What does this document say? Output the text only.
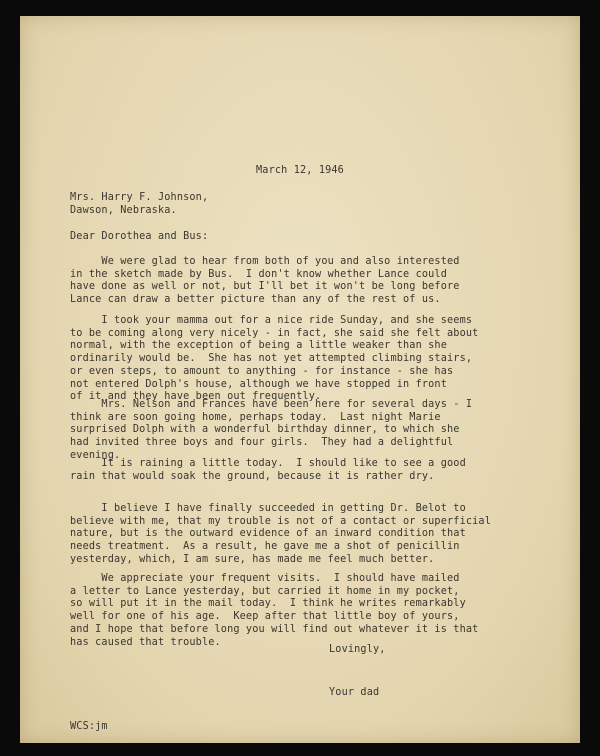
March 12, 1946
Mrs. Harry F. Johnson,
Dawson, Nebraska.
Dear Dorothea and Bus:
We were glad to hear from both of you and also interested
in the sketch made by Bus.  I don't know whether Lance could
have done as well or not, but I'll bet it won't be long before
Lance can draw a better picture than any of the rest of us.
I took your mamma out for a nice ride Sunday, and she seems
to be coming along very nicely - in fact, she said she felt about
normal, with the exception of being a little weaker than she
ordinarily would be.  She has not yet attempted climbing stairs,
or even steps, to amount to anything - for instance - she has
not entered Dolph's house, although we have stopped in front
of it and they have been out frequently.
Mrs. Nelson and Frances have been here for several days - I
think are soon going home, perhaps today.  Last night Marie
surprised Dolph with a wonderful birthday dinner, to which she
had invited three boys and four girls.  They had a delightful
evening.
It is raining a little today.  I should like to see a good
rain that would soak the ground, because it is rather dry.
I believe I have finally succeeded in getting Dr. Belot to
believe with me, that my trouble is not of a contact or superficial
nature, but is the outward evidence of an inward condition that
needs treatment.  As a result, he gave me a shot of penicillin
yesterday, which, I am sure, has made me feel much better.
We appreciate your frequent visits.  I should have mailed
a letter to Lance yesterday, but carried it home in my pocket,
so will put it in the mail today.  I think he writes remarkably
well for one of his age.  Keep after that little boy of yours,
and I hope that before long you will find out whatever it is that
has caused that trouble.
Lovingly,
Your dad
WCS:jm
